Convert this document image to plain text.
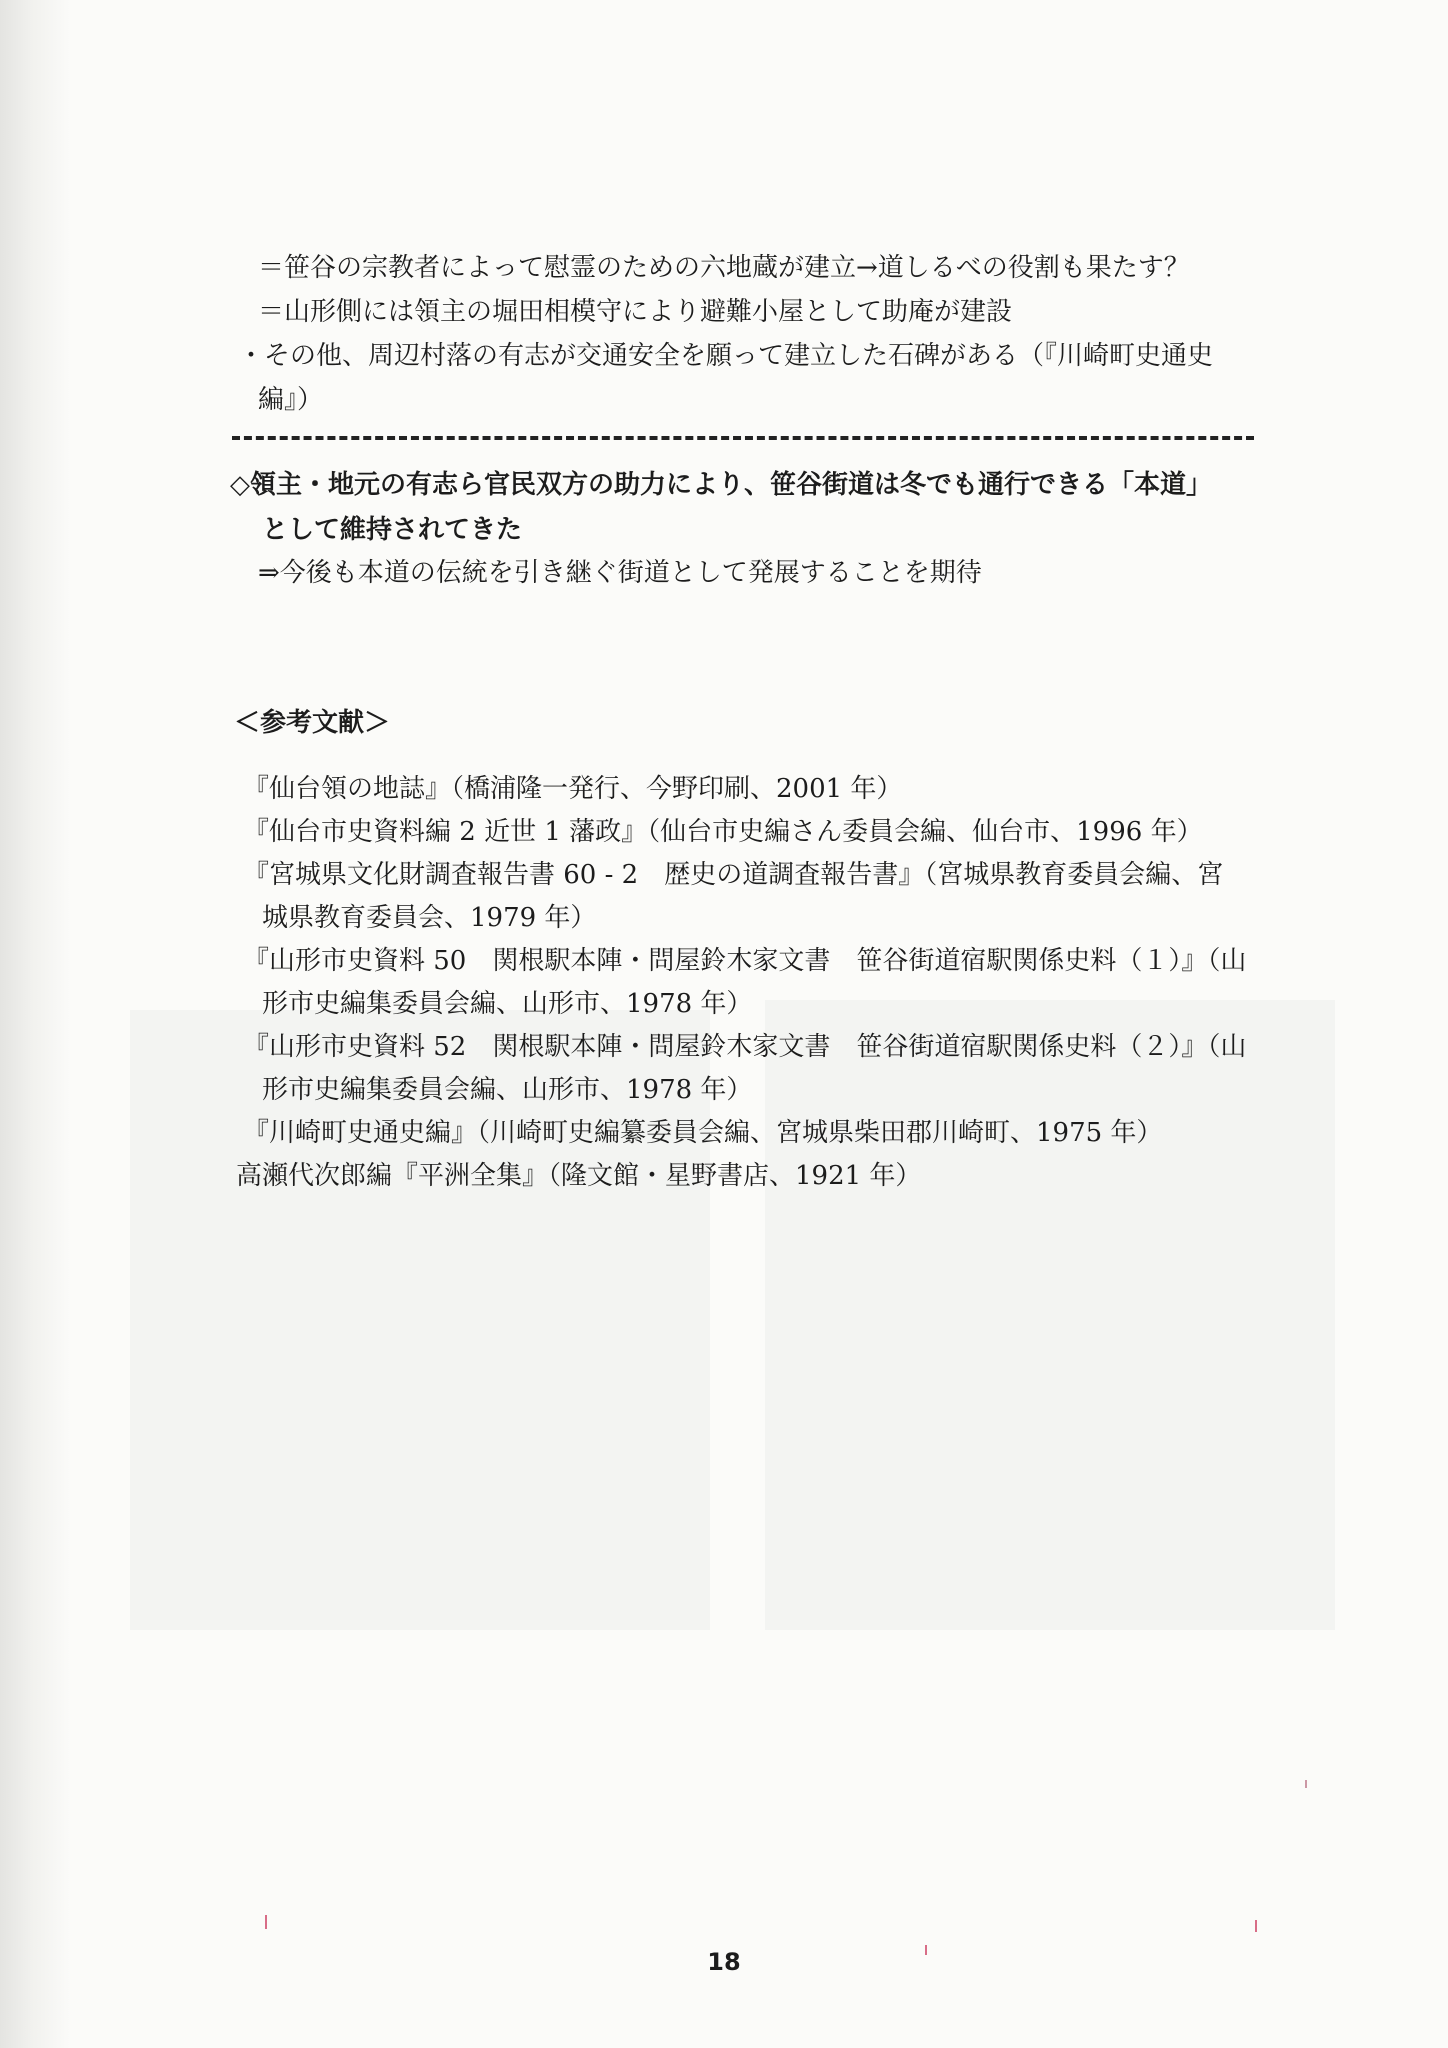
＝笹谷の宗教者によって慰霊のための六地蔵が建立→道しるべの役割も果たす？
＝山形側には領主の堀田相模守により避難小屋として助庵が建設
・その他、周辺村落の有志が交通安全を願って建立した石碑がある（『川崎町史通史
編』）
◇領主・地元の有志ら官民双方の助力により、笹谷街道は冬でも通行できる「本道」
として維持されてきた
⇒今後も本道の伝統を引き継ぐ街道として発展することを期待
＜参考文献＞
『仙台領の地誌』（橋浦隆一発行、今野印刷、2001 年）
『仙台市史資料編 2 近世 1 藩政』（仙台市史編さん委員会編、仙台市、1996 年）
『宮城県文化財調査報告書 60 - 2　歴史の道調査報告書』（宮城県教育委員会編、宮
城県教育委員会、1979 年）
『山形市史資料 50　関根駅本陣・問屋鈴木家文書　笹谷街道宿駅関係史料（１）』（山
形市史編集委員会編、山形市、1978 年）
『山形市史資料 52　関根駅本陣・問屋鈴木家文書　笹谷街道宿駅関係史料（２）』（山
形市史編集委員会編、山形市、1978 年）
『川崎町史通史編』（川崎町史編纂委員会編、宮城県柴田郡川崎町、1975 年）
高瀬代次郎編『平洲全集』（隆文館・星野書店、1921 年）
18
